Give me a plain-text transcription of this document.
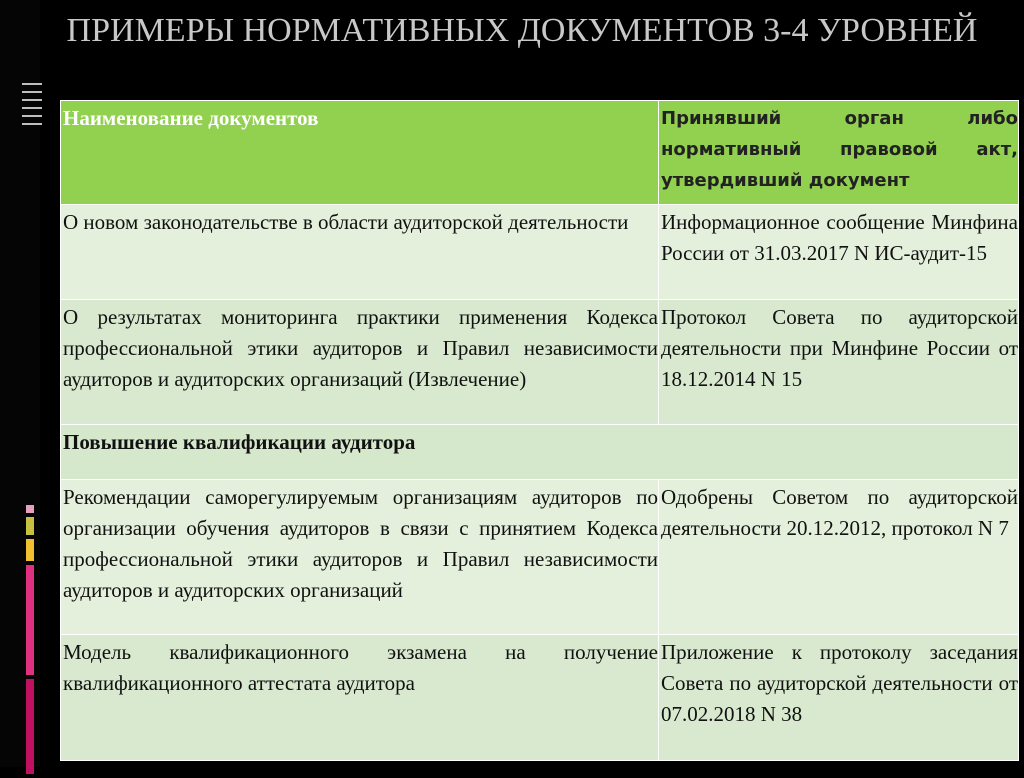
ПРИМЕРЫ НОРМАТИВНЫХ ДОКУМЕНТОВ 3-4 УРОВНЕЙ
Наименование документов	Принявший орган либо нормативный правовой акт, утвердивший документ
О новом законодательстве в области аудиторской деятельности	Информационное сообщение Минфина России от 31.03.2017 N ИС-аудит-15
О результатах мониторинга практики применения Кодекса профессиональной этики аудиторов и Правил независимости аудиторов и аудиторских организаций (Извлечение)	Протокол Совета по аудиторской деятельности при Минфине России от 18.12.2014 N 15
Повышение квалификации аудитора	
Рекомендации саморегулируемым организациям аудиторов по организации обучения аудиторов в связи с принятием Кодекса профессиональной этики аудиторов и Правил независимости аудиторов и аудиторских организаций	Одобрены Советом по аудиторской деятельности 20.12.2012, протокол N 7
Модель квалификационного экзамена на получение квалификационного аттестата аудитора	Приложение к протоколу заседания Совета по аудиторской деятельности от 07.02.2018 N 38
